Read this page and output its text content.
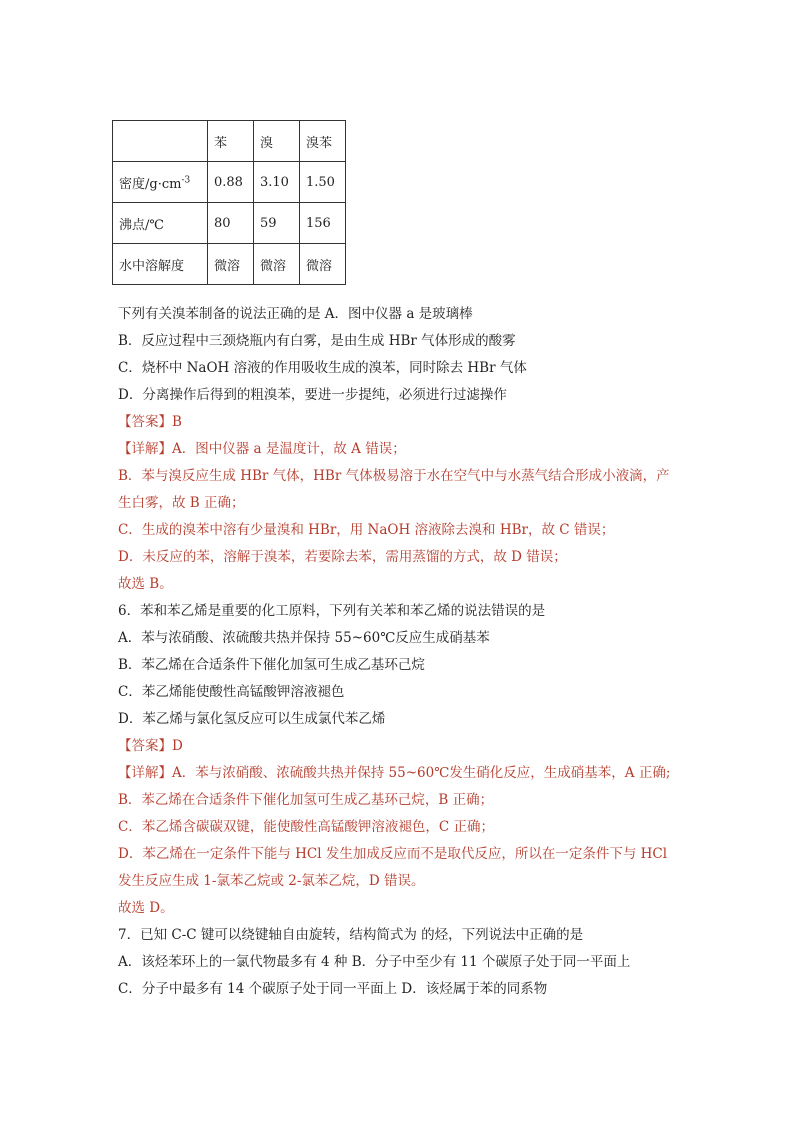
	苯	溴	溴苯
密度$/g\cdot cm^{-3}$	0.88	3.10	1.50
沸点/℃	80	59	156
水中溶解度	微溶	微溶	微溶
下列有关溴苯制备的说法正确的是 A．图中仪器 a 是玻璃棒
B．反应过程中三颈烧瓶内有白雾，是由生成 HBr 气体形成的酸雾
C．烧杯中 NaOH 溶液的作用吸收生成的溴苯，同时除去 HBr 气体
D．分离操作后得到的粗溴苯，要进一步提纯，必须进行过滤操作
【答案】B
【详解】A．图中仪器 a 是温度计，故 A 错误；
B．苯与溴反应生成 HBr 气体，HBr 气体极易溶于水在空气中与水蒸气结合形成小液滴，产
生白雾，故 B 正确；
C．生成的溴苯中溶有少量溴和 HBr，用 NaOH 溶液除去溴和 HBr，故 C 错误；
D．未反应的苯，溶解于溴苯，若要除去苯，需用蒸馏的方式，故 D 错误；
故选 B。
6．苯和苯乙烯是重要的化工原料，下列有关苯和苯乙烯的说法错误的是
A．苯与浓硝酸、浓硫酸共热并保持 55~60℃反应生成硝基苯
B．苯乙烯在合适条件下催化加氢可生成乙基环己烷
C．苯乙烯能使酸性高锰酸钾溶液褪色
D．苯乙烯与氯化氢反应可以生成氯代苯乙烯
【答案】D
【详解】A．苯与浓硝酸、浓硫酸共热并保持 55~60℃发生硝化反应，生成硝基苯，A 正确;
B．苯乙烯在合适条件下催化加氢可生成乙基环己烷，B 正确；
C．苯乙烯含碳碳双键，能使酸性高锰酸钾溶液褪色，C 正确；
D．苯乙烯在一定条件下能与 HCl 发生加成反应而不是取代反应，所以在一定条件下与 HCl
发生反应生成 1-氯苯乙烷或 2-氯苯乙烷，D 错误。
故选 D。
7．已知 C-C 键可以绕键轴自由旋转，结构简式为 的烃，下列说法中正确的是
A．该烃苯环上的一氯代物最多有 4 种 B．分子中至少有 11 个碳原子处于同一平面上
C．分子中最多有 14 个碳原子处于同一平面上 D．该烃属于苯的同系物
